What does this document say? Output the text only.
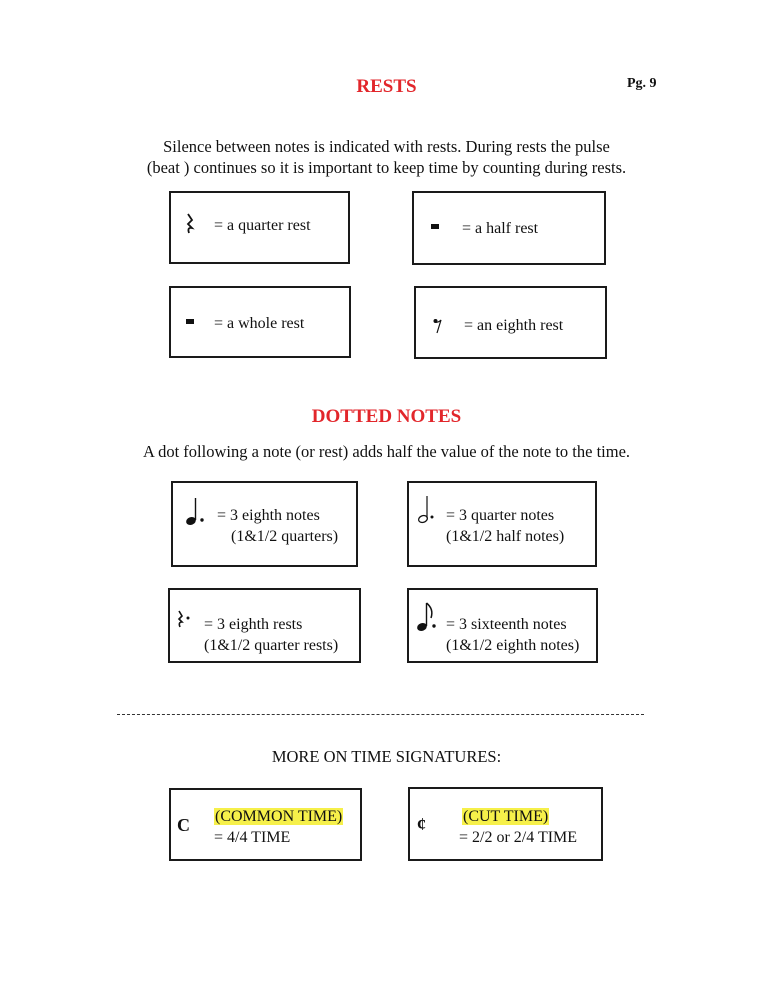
RESTS	Pg. 9
Silence between notes is indicated with rests. During rests the pulse
(beat ) continues so it is important to keep time by counting during rests.
= a quarter rest	= a half rest
= a whole rest	= an eighth rest
DOTTED NOTES
A dot following a note (or rest) adds half the value of the note to the time.
= 3 eighth notes
(1&1/2 quarters)
= 3 quarter notes
(1&1/2 half notes)
= 3 eighth rests
(1&1/2 quarter rests)
= 3 sixteenth notes
(1&1/2 eighth notes)
MORE ON TIME SIGNATURES:
C (COMMON TIME)
= 4/4 TIME
¢ (CUT TIME)
= 2/2 or 2/4 TIME
